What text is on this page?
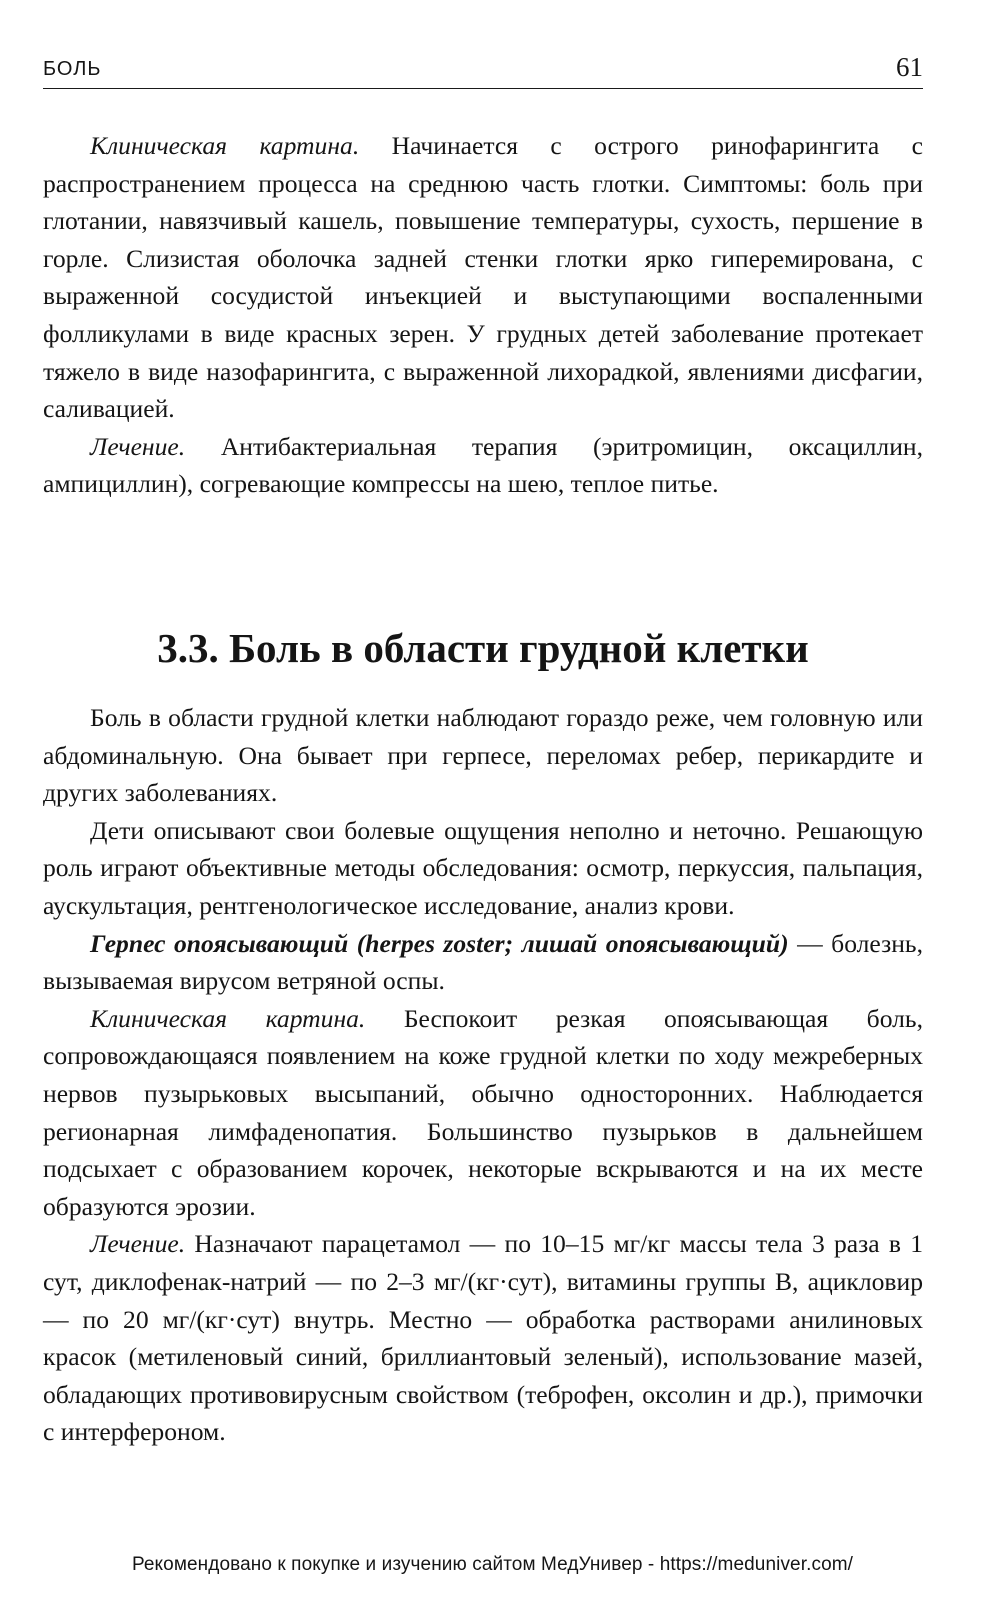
БОЛЬ	61

Клиническая картина. Начинается с острого ринофарингита с распространением процесса на среднюю часть глотки. Симптомы: боль при глотании, навязчивый кашель, повышение температуры, сухость, першение в горле. Слизистая оболочка задней стенки глотки ярко гиперемирована, с выраженной сосудистой инъекцией и выступающими воспаленными фолликулами в виде красных зерен. У грудных детей заболевание протекает тяжело в виде назофарингита, с выраженной лихорадкой, явлениями дисфагии, саливацией.

Лечение. Антибактериальная терапия (эритромицин, оксациллин, ампициллин), согревающие компрессы на шею, теплое питье.

3.3. Боль в области грудной клетки

Боль в области грудной клетки наблюдают гораздо реже, чем головную или абдоминальную. Она бывает при герпесе, переломах ребер, перикардите и других заболеваниях.

Дети описывают свои болевые ощущения неполно и неточно. Решающую роль играют объективные методы обследования: осмотр, перкуссия, пальпация, аускультация, рентгенологическое исследование, анализ крови.

Герпес опоясывающий (herpes zoster; лишай опоясывающий) — болезнь, вызываемая вирусом ветряной оспы.

Клиническая картина. Беспокоит резкая опоясывающая боль, сопровождающаяся появлением на коже грудной клетки по ходу межреберных нервов пузырьковых высыпаний, обычно односторонних. Наблюдается регионарная лимфаденопатия. Большинство пузырьков в дальнейшем подсыхает с образованием корочек, некоторые вскрываются и на их месте образуются эрозии.

Лечение. Назначают парацетамол — по 10–15 мг/кг массы тела 3 раза в 1 сут, диклофенак-натрий — по 2–3 мг/(кг·сут), витамины группы В, ацикловир — по 20 мг/(кг·сут) внутрь. Местно — обработка растворами анилиновых красок (метиленовый синий, бриллиантовый зеленый), использование мазей, обладающих противовирусным свойством (теброфен, оксолин и др.), примочки с интерфероном.

Рекомендовано к покупке и изучению сайтом МедУнивер - https://meduniver.com/
